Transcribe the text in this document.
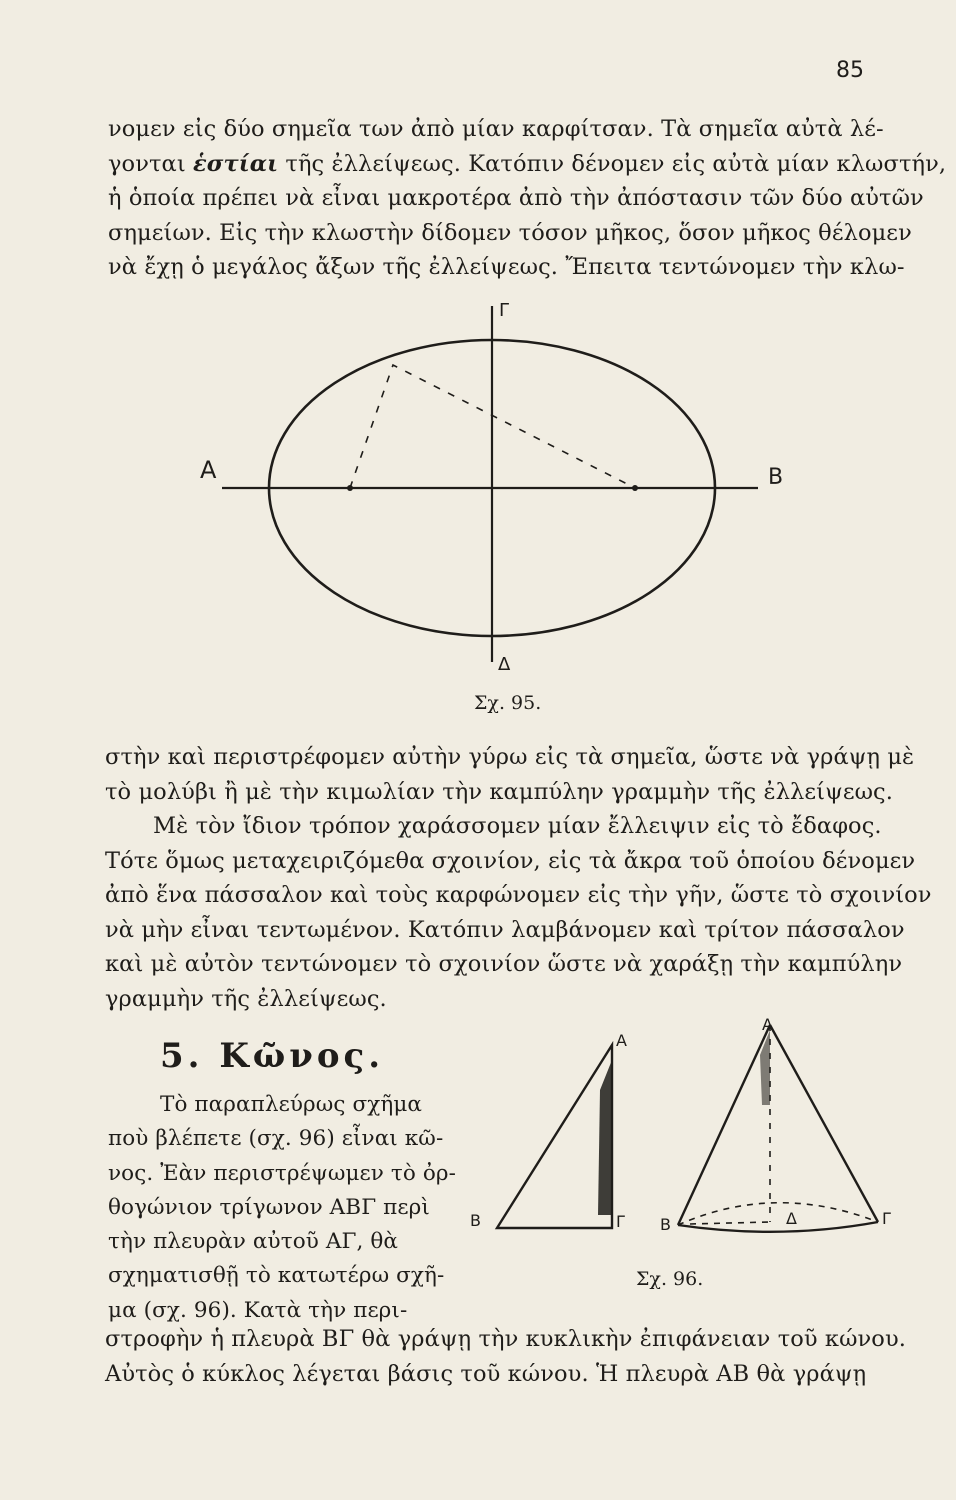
85
νομεν εἰς δύο σημεῖα των ἀπὸ μίαν καρφίτσαν. Τὰ σημεῖα αὐτὰ λέ-
γονται ἑστίαι τῆς ἐλλείψεως. Κατόπιν δένομεν εἰς αὐτὰ μίαν κλωστήν,
ἡ ὁποία πρέπει νὰ εἶναι μακροτέρα ἀπὸ τὴν ἀπόστασιν τῶν δύο αὐτῶν
σημείων. Εἰς τὴν κλωστὴν δίδομεν τόσον μῆκος, ὅσον μῆκος θέλομεν
νὰ ἔχῃ ὁ μεγάλος ἄξων τῆς ἐλλείψεως. Ἔπειτα τεντώνομεν τὴν κλω-
Γ
Α	Β
Δ
Σχ. 95.
στὴν καὶ περιστρέφομεν αὐτὴν γύρω εἰς τὰ σημεῖα, ὥστε νὰ γράψῃ μὲ
τὸ μολύβι ἢ μὲ τὴν κιμωλίαν τὴν καμπύλην γραμμὴν τῆς ἐλλείψεως.
Μὲ τὸν ἴδιον τρόπον χαράσσομεν μίαν ἔλλειψιν εἰς τὸ ἔδαφος.
Τότε ὅμως μεταχειριζόμεθα σχοινίον, εἰς τὰ ἄκρα τοῦ ὁποίου δένομεν
ἀπὸ ἕνα πάσσαλον καὶ τοὺς καρφώνομεν εἰς τὴν γῆν, ὥστε τὸ σχοινίον
νὰ μὴν εἶναι τεντωμένον. Κατόπιν λαμβάνομεν καὶ τρίτον πάσσαλον
καὶ μὲ αὐτὸν τεντώνομεν τὸ σχοινίον ὥστε νὰ χαράξῃ τὴν καμπύλην
γραμμὴν τῆς ἐλλείψεως.
5. Κῶνος.
Τὸ παραπλεύρως σχῆμα
ποὺ βλέπετε (σχ. 96) εἶναι κῶ-
νος. Ἐὰν περιστρέψωμεν τὸ ὀρ-
θογώνιον τρίγωνον ΑΒΓ περὶ
τὴν πλευρὰν αὐτοῦ ΑΓ, θὰ
σχηματισθῇ τὸ κατωτέρω σχῆ-
μα (σχ. 96). Κατὰ τὴν περι-
Α
Β	Γ
Α
Β	Δ	Γ
Σχ. 96.
στροφὴν ἡ πλευρὰ ΒΓ θὰ γράψῃ τὴν κυκλικὴν ἐπιφάνειαν τοῦ κώνου.
Αὐτὸς ὁ κύκλος λέγεται βάσις τοῦ κώνου. Ἡ πλευρὰ ΑΒ θὰ γράψῃ
